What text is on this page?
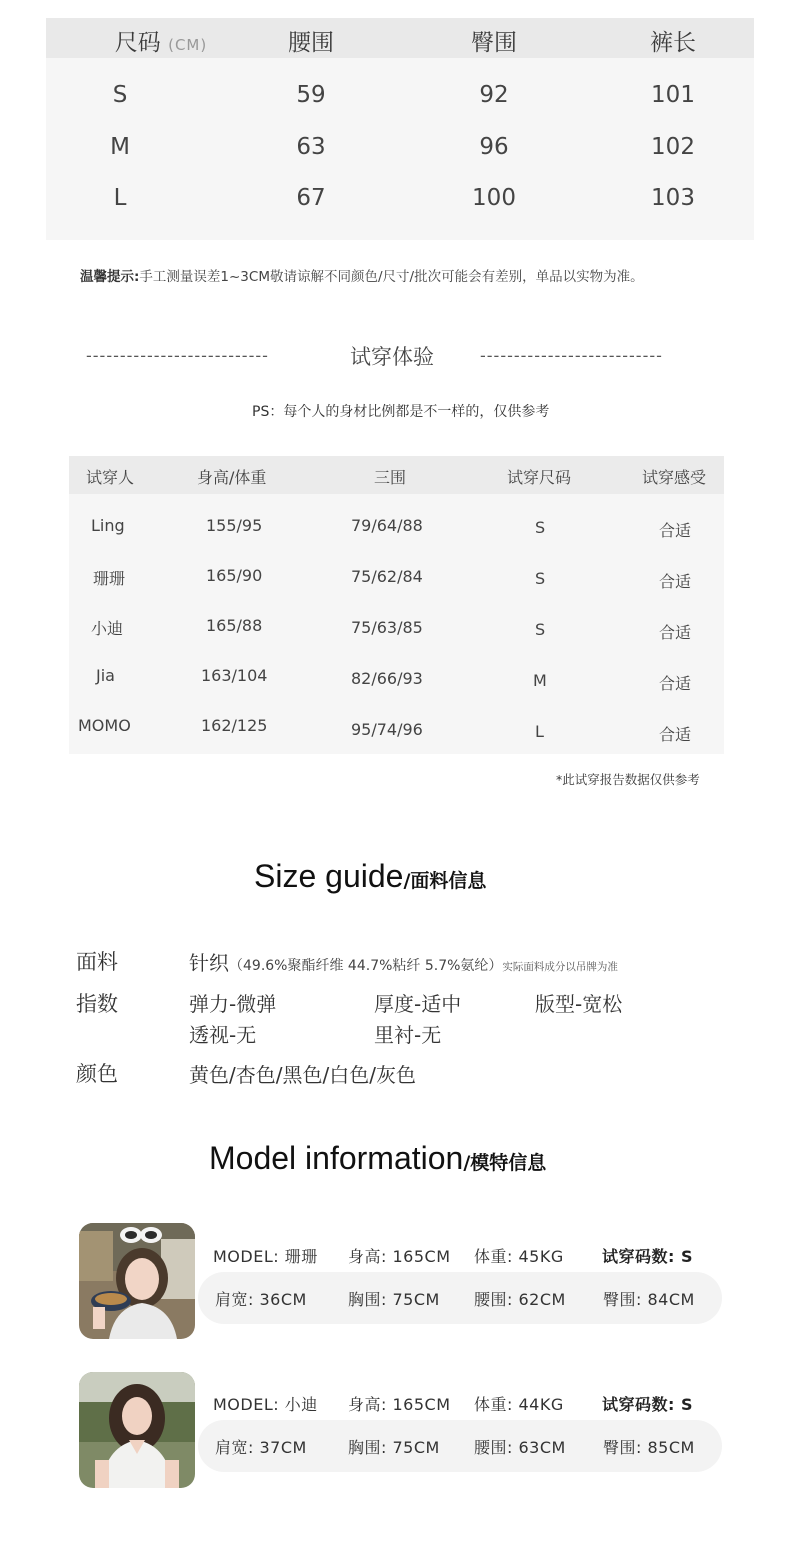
尺码 (CM)	腰围	臀围	裤长
S	59	92	101
M	63	96	102
L	67	100	103
温馨提示:手工测量误差1~3CM敬请谅解不同颜色/尺寸/批次可能会有差别，单品以实物为准。
---------------------------	试穿体验	---------------------------
PS：每个人的身材比例都是不一样的，仅供参考
试穿人	身高/体重	三围	试穿尺码	试穿感受
Ling	155/95	79/64/88	S	合适
珊珊	165/90	75/62/84	S	合适
小迪	165/88	75/63/85	S	合适
Jia	163/104	82/66/93	M	合适
MOMO	162/125	95/74/96	L	合适
*此试穿报告数据仅供参考
Size guide/面料信息
面料	针织（49.6%聚酯纤维 44.7%粘纤 5.7%氨纶）实际面料成分以吊牌为准
指数	弹力-微弹	厚度-适中	版型-宽松
透视-无	里衬-无
颜色	黄色/杏色/黑色/白色/灰色
Model information/模特信息
MODEL: 珊珊 身高: 165CM 体重: 45KG 试穿码数: S
肩宽: 36CM	胸围: 75CM 腰围: 62CM 臀围: 84CM
MODEL: 小迪 身高: 165CM 体重: 44KG 试穿码数: S
肩宽: 37CM	胸围: 75CM 腰围: 63CM 臀围: 85CM
